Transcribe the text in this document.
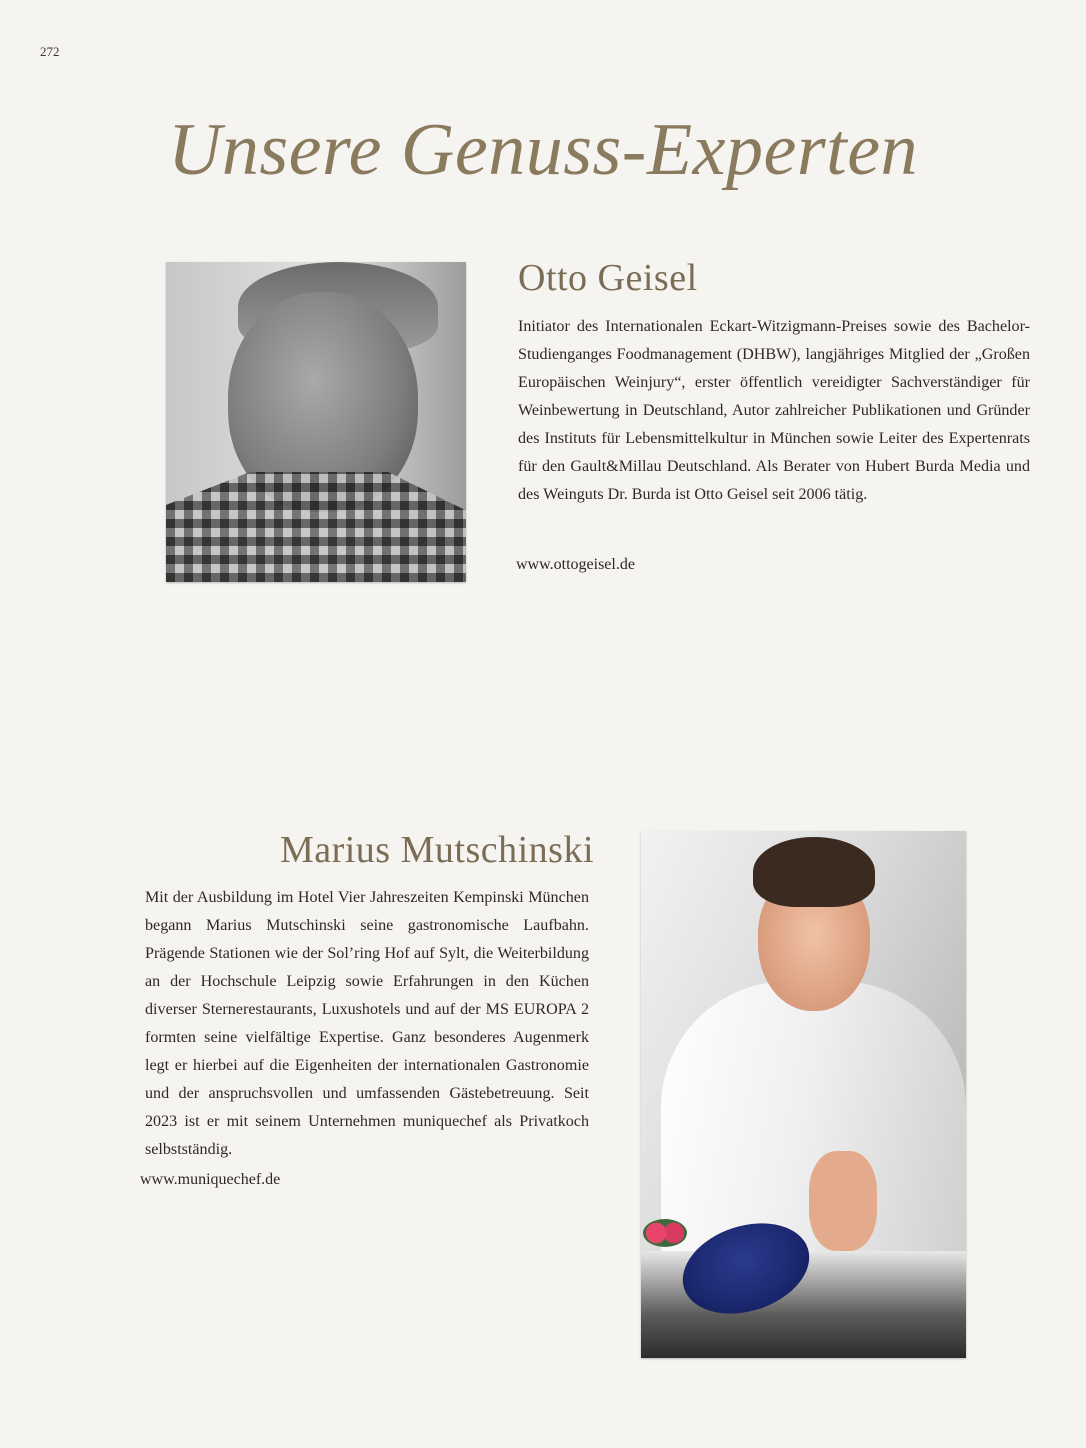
272
Unsere Genuss-Experten
Otto Geisel

Initiator des Internationalen Eckart-Witzigmann-Preises sowie des Bachelor-Studienganges Foodmanagement (DHBW), langjähriges Mitglied der „Großen Europäischen Weinjury“, erster öffentlich vereidigter Sachverständiger für Weinbewertung in Deutschland, Autor zahlreicher Publikationen und Gründer des Instituts für Lebensmittelkultur in München sowie Leiter des Expertenrats für den Gault&Millau Deutschland. Als Berater von Hubert Burda Media und des Weinguts Dr. Burda ist Otto Geisel seit 2006 tätig.

www.ottogeisel.de
Marius Mutschinski

Mit der Ausbildung im Hotel Vier Jahreszeiten Kempinski München begann Marius Mutschinski seine gastronomische Laufbahn. Prägende Stationen wie der Sol’ring Hof auf Sylt, die Weiterbildung an der Hochschule Leipzig sowie Erfahrungen in den Küchen diverser Sternerestaurants, Luxushotels und auf der MS EUROPA 2 formten seine vielfältige Expertise. Ganz besonderes Augenmerk legt er hierbei auf die Eigenheiten der internationalen Gastronomie und der anspruchsvollen und umfassenden Gästebetreuung. Seit 2023 ist er mit seinem Unternehmen muniquechef als Privatkoch selbstständig.

www.muniquechef.de
